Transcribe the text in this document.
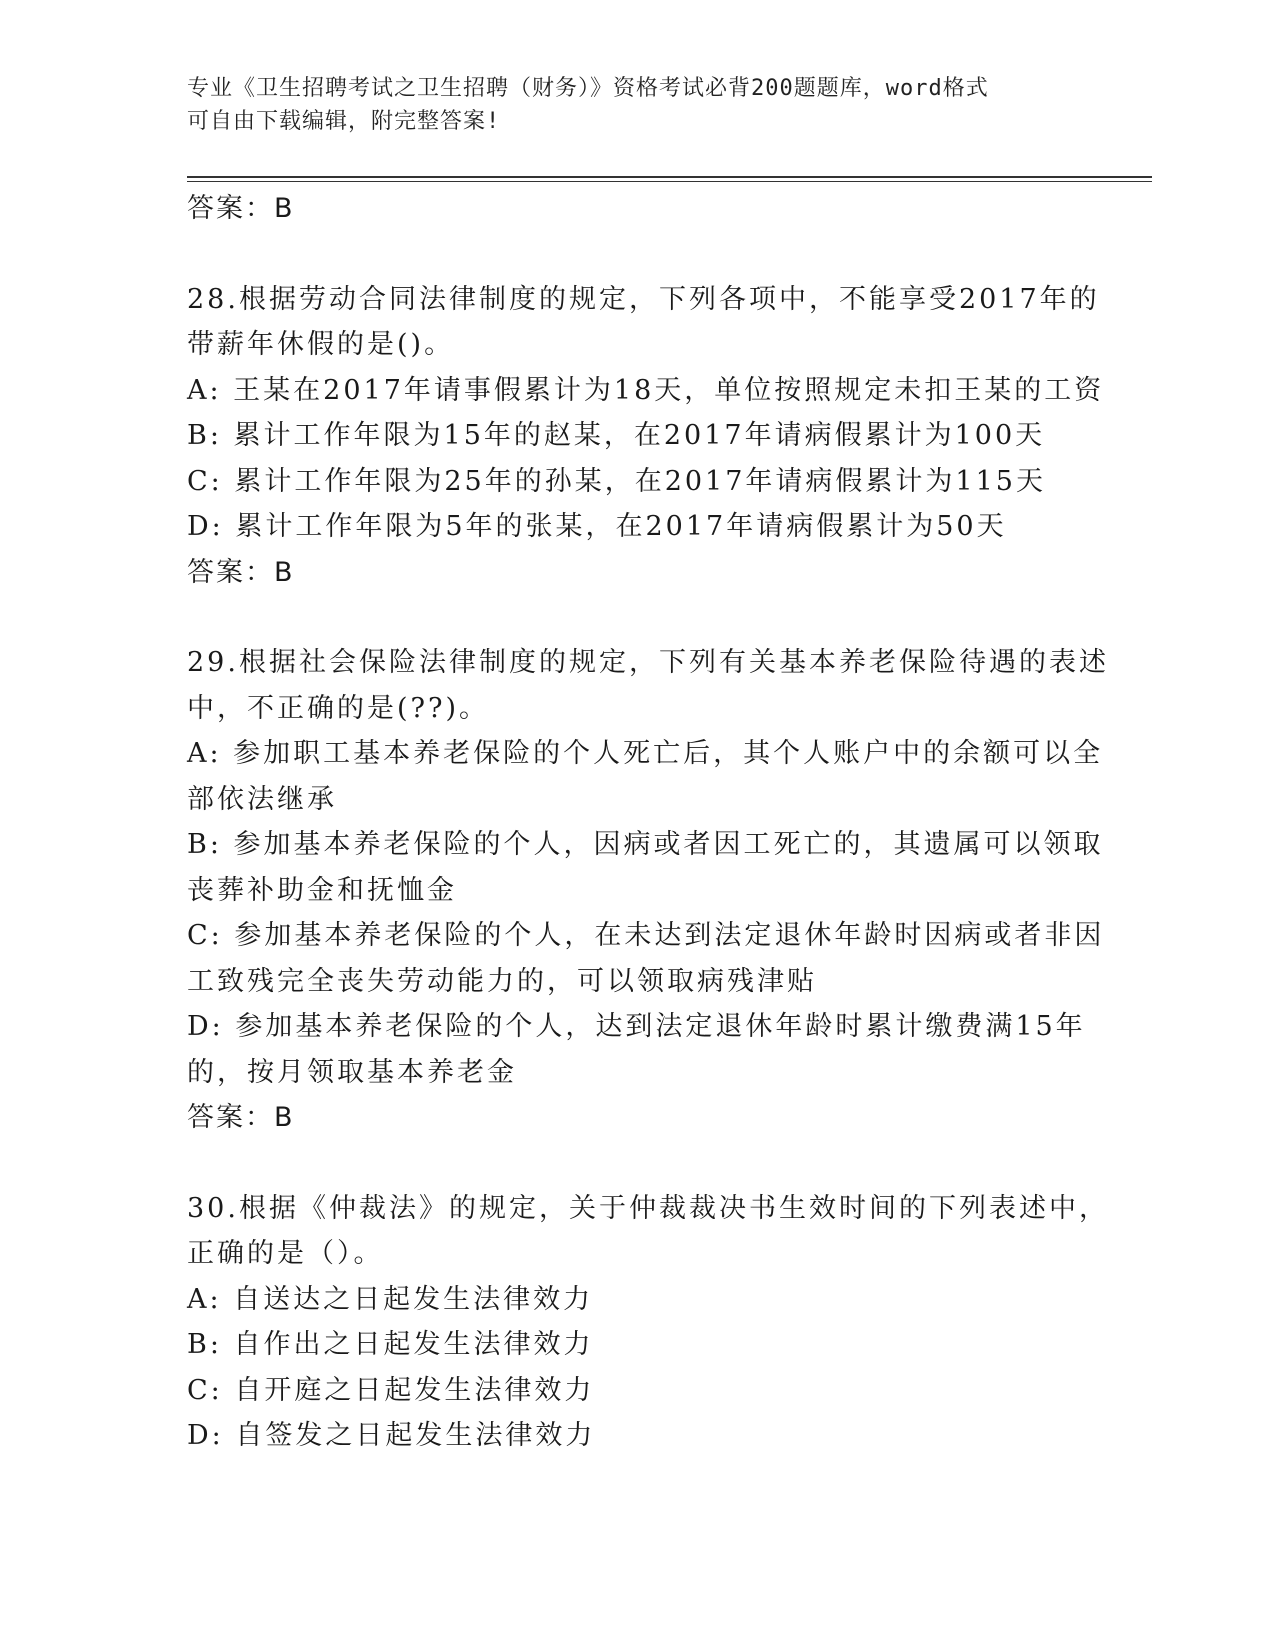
专业《卫生招聘考试之卫生招聘（财务）》资格考试必背200题题库，word格式
可自由下载编辑，附完整答案!
答案：B
28.根据劳动合同法律制度的规定，下列各项中，不能享受2017年的
带薪年休假的是()。
A: 王某在2017年请事假累计为18天，单位按照规定未扣王某的工资
B: 累计工作年限为15年的赵某，在2017年请病假累计为100天
C: 累计工作年限为25年的孙某，在2017年请病假累计为115天
D: 累计工作年限为5年的张某，在2017年请病假累计为50天
答案：B
29.根据社会保险法律制度的规定，下列有关基本养老保险待遇的表述
中，不正确的是(??)。
A: 参加职工基本养老保险的个人死亡后，其个人账户中的余额可以全
部依法继承
B: 参加基本养老保险的个人，因病或者因工死亡的，其遗属可以领取
丧葬补助金和抚恤金
C: 参加基本养老保险的个人，在未达到法定退休年龄时因病或者非因
工致残完全丧失劳动能力的，可以领取病残津贴
D: 参加基本养老保险的个人，达到法定退休年龄时累计缴费满15年
的，按月领取基本养老金
答案：B
30.根据《仲裁法》的规定，关于仲裁裁决书生效时间的下列表述中，
正确的是（）。
A: 自送达之日起发生法律效力
B: 自作出之日起发生法律效力
C: 自开庭之日起发生法律效力
D: 自签发之日起发生法律效力
